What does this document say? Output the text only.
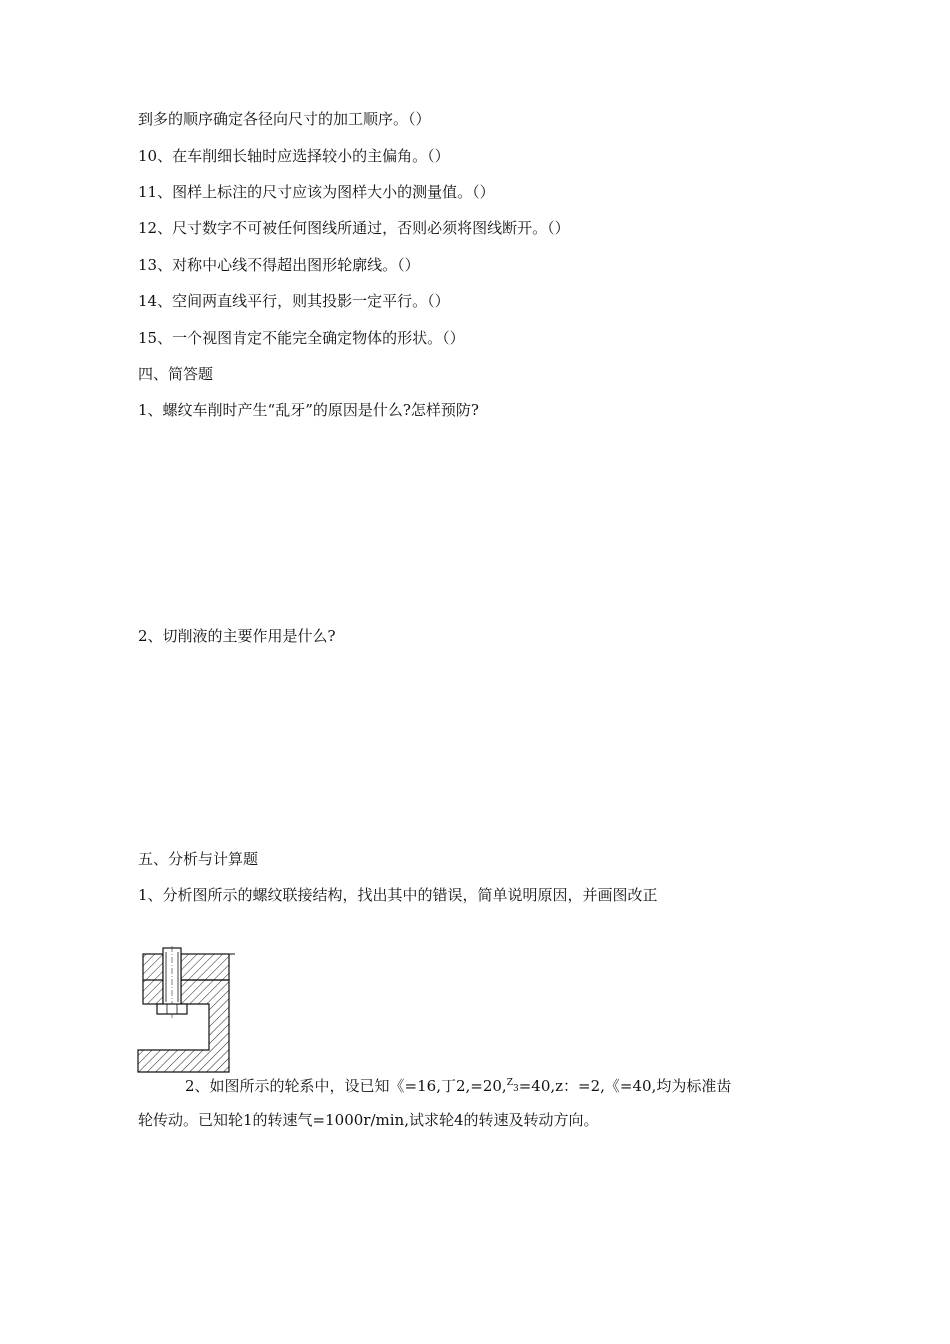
到多的顺序确定各径向尺寸的加工顺序。（）
10、在车削细长轴时应选择较小的主偏角。（）
11、图样上标注的尺寸应该为图样大小的测量值。（）
12、尺寸数字不可被任何图线所通过，否则必须将图线断开。（）
13、对称中心线不得超出图形轮廓线。（）
14、空间两直线平行，则其投影一定平行。（）
15、一个视图肯定不能完全确定物体的形状。（）
四、简答题
1、螺纹车削时产生“乱牙”的原因是什么?怎样预防?
2、切削液的主要作用是什么?
五、分析与计算题
1、分析图所示的螺纹联接结构，找出其中的错误，简单说明原因，并画图改正
2、如图所示的轮系中，设已知《=16,丁2,=20,$^{Z3}$=40,z：=2,《=40,均为标准齿
轮传动。已知轮1的转速气=1000r/min,试求轮4的转速及转动方向。
